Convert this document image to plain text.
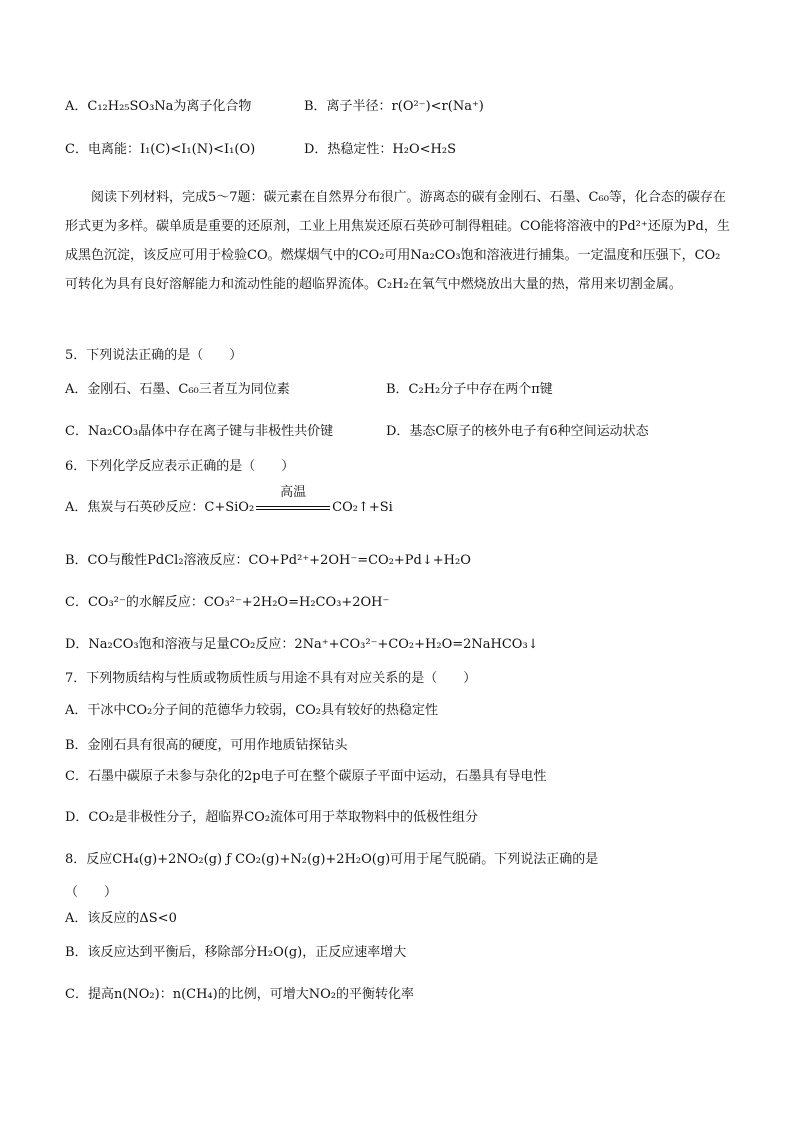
A．C₁₂H₂₅SO₃Na为离子化合物	B．离子半径：r(O²⁻)<r(Na⁺)
C．电离能：I₁(C)<I₁(N)<I₁(O)	D．热稳定性：H₂O<H₂S
阅读下列材料，完成5～7题：碳元素在自然界分布很广。游离态的碳有金刚石、石墨、C₆₀等，化合态的碳存在形式更为多样。碳单质是重要的还原剂，工业上用焦炭还原石英砂可制得粗硅。CO能将溶液中的Pd²⁺还原为Pd，生成黑色沉淀，该反应可用于检验CO。燃煤烟气中的CO₂可用Na₂CO₃饱和溶液进行捕集。一定温度和压强下，CO₂可转化为具有良好溶解能力和流动性能的超临界流体。C₂H₂在氧气中燃烧放出大量的热，常用来切割金属。
5．下列说法正确的是（　　）
A．金刚石、石墨、C₆₀三者互为同位素	B．C₂H₂分子中存在两个π键
C．Na₂CO₃晶体中存在离子键与非极性共价键	D．基态C原子的核外电子有6种空间运动状态
6．下列化学反应表示正确的是（　　）
A．焦炭与石英砂反应：C+SiO₂
高温
CO₂↑+Si
B．CO与酸性PdCl₂溶液反应：CO+Pd²⁺+2OH⁻=CO₂+Pd↓+H₂O
C．CO₃²⁻的水解反应：CO₃²⁻+2H₂O=H₂CO₃+2OH⁻
D．Na₂CO₃饱和溶液与足量CO₂反应：2Na⁺+CO₃²⁻+CO₂+H₂O=2NaHCO₃↓
7．下列物质结构与性质或物质性质与用途不具有对应关系的是（　　）
A．干冰中CO₂分子间的范德华力较弱，CO₂具有较好的热稳定性
B．金刚石具有很高的硬度，可用作地质钻探钻头
C．石墨中碳原子未参与杂化的2p电子可在整个碳原子平面中运动，石墨具有导电性
D．CO₂是非极性分子，超临界CO₂流体可用于萃取物料中的低极性组分
8．反应CH₄(g)+2NO₂(g) ƒ CO₂(g)+N₂(g)+2H₂O(g)可用于尾气脱硝。下列说法正确的是
（　　）
A．该反应的ΔS<0
B．该反应达到平衡后，移除部分H₂O(g)，正反应速率增大
C．提高n(NO₂)：n(CH₄)的比例，可增大NO₂的平衡转化率
